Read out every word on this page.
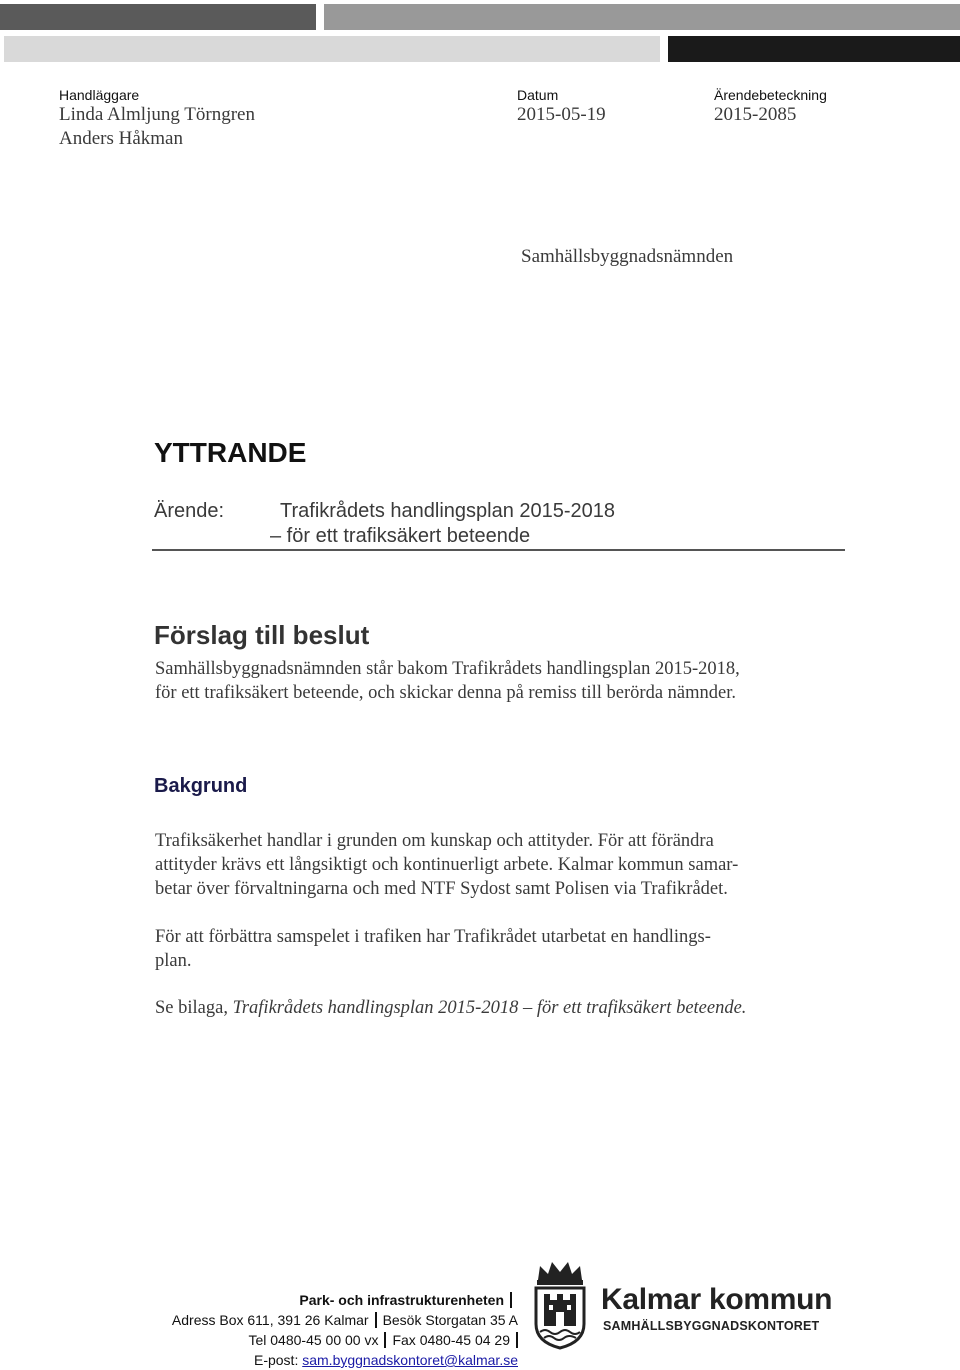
Handläggare
Linda Almljung Törngren
Anders Håkman
Datum
2015-05-19
Ärendebeteckning
2015-2085
Samhällsbyggnadsnämnden
YTTRANDE
Ärende:	Trafikrådets handlingsplan 2015-2018
– för ett trafiksäkert beteende
Förslag till beslut

Samhällsbyggnadsnämnden står bakom Trafikrådets handlingsplan 2015-2018,

för ett trafiksäkert beteende, och skickar denna på remiss till berörda nämnder.

Bakgrund

Trafiksäkerhet handlar i grunden om kunskap och attityder. För att förändra

attityder krävs ett långsiktigt och kontinuerligt arbete. Kalmar kommun samar-

betar över förvaltningarna och med NTF Sydost samt Polisen via Trafikrådet.

För att förbättra samspelet i trafiken har Trafikrådet utarbetat en handlings-

plan.

Se bilaga, Trafikrådets handlingsplan 2015-2018 – för ett trafiksäkert beteende.

Park- och infrastrukturenheten
Adress Box 611, 391 26 Kalmar Besök Storgatan 35 A
Tel 0480-45 00 00 vx Fax 0480-45 04 29
E-post: sam.byggnadskontoret@kalmar.se
Kalmar kommun
SAMHÄLLSBYGGNADSKONTORET
